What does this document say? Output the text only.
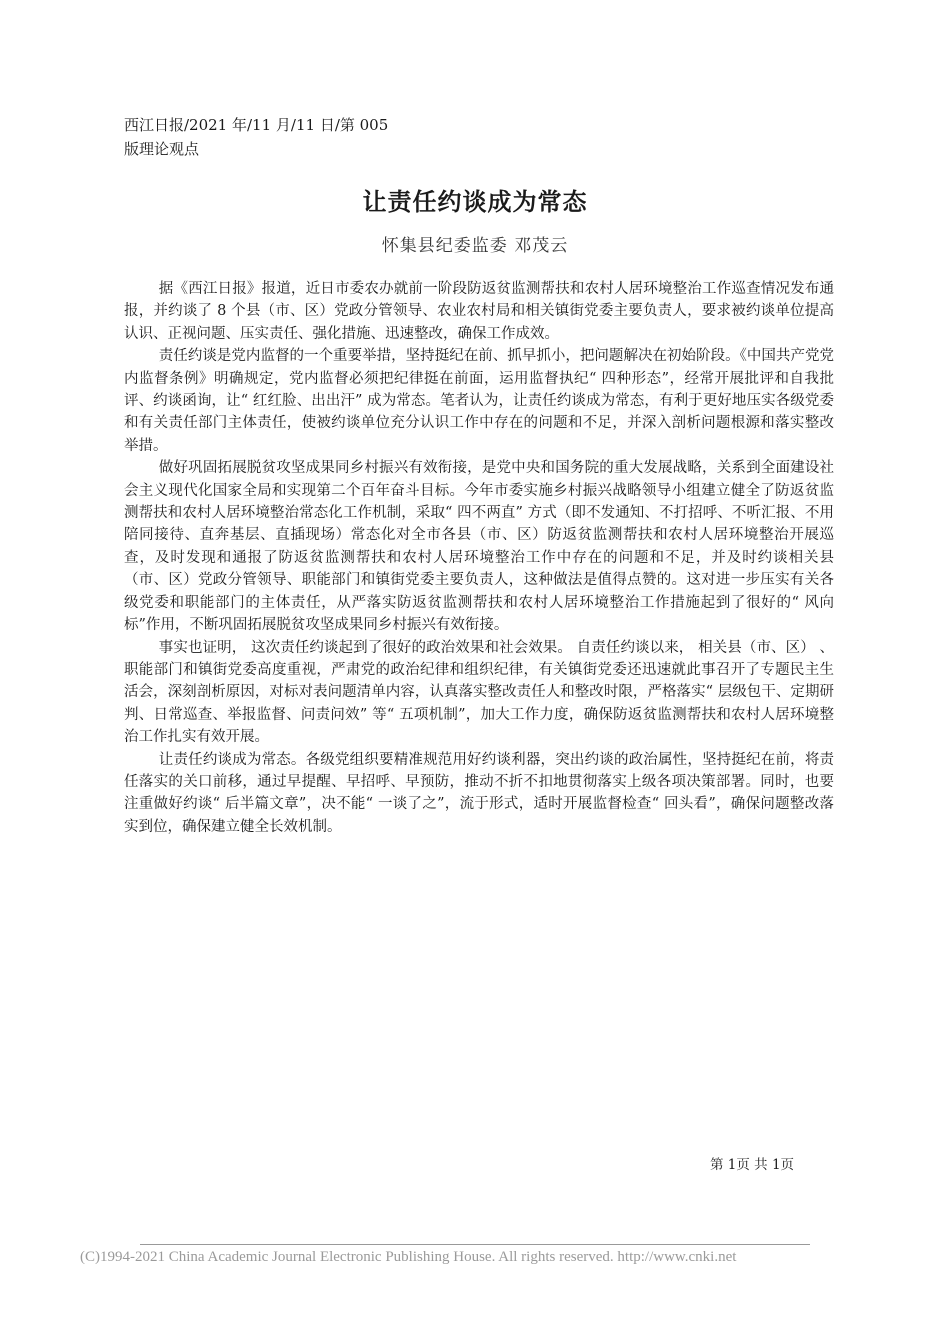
西江日报/2021 年/11 月/11 日/第 005
版理论观点
让责任约谈成为常态
怀集县纪委监委 邓茂云

据《西江日报》报道，近日市委农办就前一阶段防返贫监测帮扶和农村人居环境整治工作巡查情况发布通报，并约谈了 8 个县（市、区）党政分管领导、农业农村局和相关镇街党委主要负责人，要求被约谈单位提高认识、正视问题、压实责任、强化措施、迅速整改，确保工作成效。

责任约谈是党内监督的一个重要举措，坚持挺纪在前、抓早抓小，把问题解决在初始阶段。《中国共产党党内监督条例》明确规定，党内监督必须把纪律挺在前面，运用监督执纪“ 四种形态”，经常开展批评和自我批评、约谈函询，让“ 红红脸、出出汗” 成为常态。笔者认为，让责任约谈成为常态，有利于更好地压实各级党委和有关责任部门主体责任，使被约谈单位充分认识工作中存在的问题和不足，并深入剖析问题根源和落实整改举措。

做好巩固拓展脱贫攻坚成果同乡村振兴有效衔接，是党中央和国务院的重大发展战略，关系到全面建设社会主义现代化国家全局和实现第二个百年奋斗目标。今年市委实施乡村振兴战略领导小组建立健全了防返贫监测帮扶和农村人居环境整治常态化工作机制，采取“ 四不两直” 方式（即不发通知、不打招呼、不听汇报、不用陪同接待、直奔基层、直插现场）常态化对全市各县（市、区）防返贫监测帮扶和农村人居环境整治开展巡查，及时发现和通报了防返贫监测帮扶和农村人居环境整治工作中存在的问题和不足，并及时约谈相关县（市、区）党政分管领导、职能部门和镇街党委主要负责人，这种做法是值得点赞的。这对进一步压实有关各级党委和职能部门的主体责任，从严落实防返贫监测帮扶和农村人居环境整治工作措施起到了很好的“ 风向标”作用，不断巩固拓展脱贫攻坚成果同乡村振兴有效衔接。

事实也证明， 这次责任约谈起到了很好的政治效果和社会效果。 自责任约谈以来， 相关县（市、区） 、职能部门和镇街党委高度重视，严肃党的政治纪律和组织纪律，有关镇街党委还迅速就此事召开了专题民主生活会，深刻剖析原因，对标对表问题清单内容，认真落实整改责任人和整改时限，严格落实“ 层级包干、定期研判、日常巡查、举报监督、问责问效” 等“ 五项机制”，加大工作力度，确保防返贫监测帮扶和农村人居环境整治工作扎实有效开展。

让责任约谈成为常态。各级党组织要精准规范用好约谈利器，突出约谈的政治属性，坚持挺纪在前，将责任落实的关口前移，通过早提醒、早招呼、早预防，推动不折不扣地贯彻落实上级各项决策部署。同时，也要注重做好约谈“ 后半篇文章”，决不能“ 一谈了之”，流于形式，适时开展监督检查“ 回头看”，确保问题整改落实到位，确保建立健全长效机制。

第 1页 共 1页
(C)1994-2021 China Academic Journal Electronic Publishing House. All rights reserved. http://www.cnki.net
